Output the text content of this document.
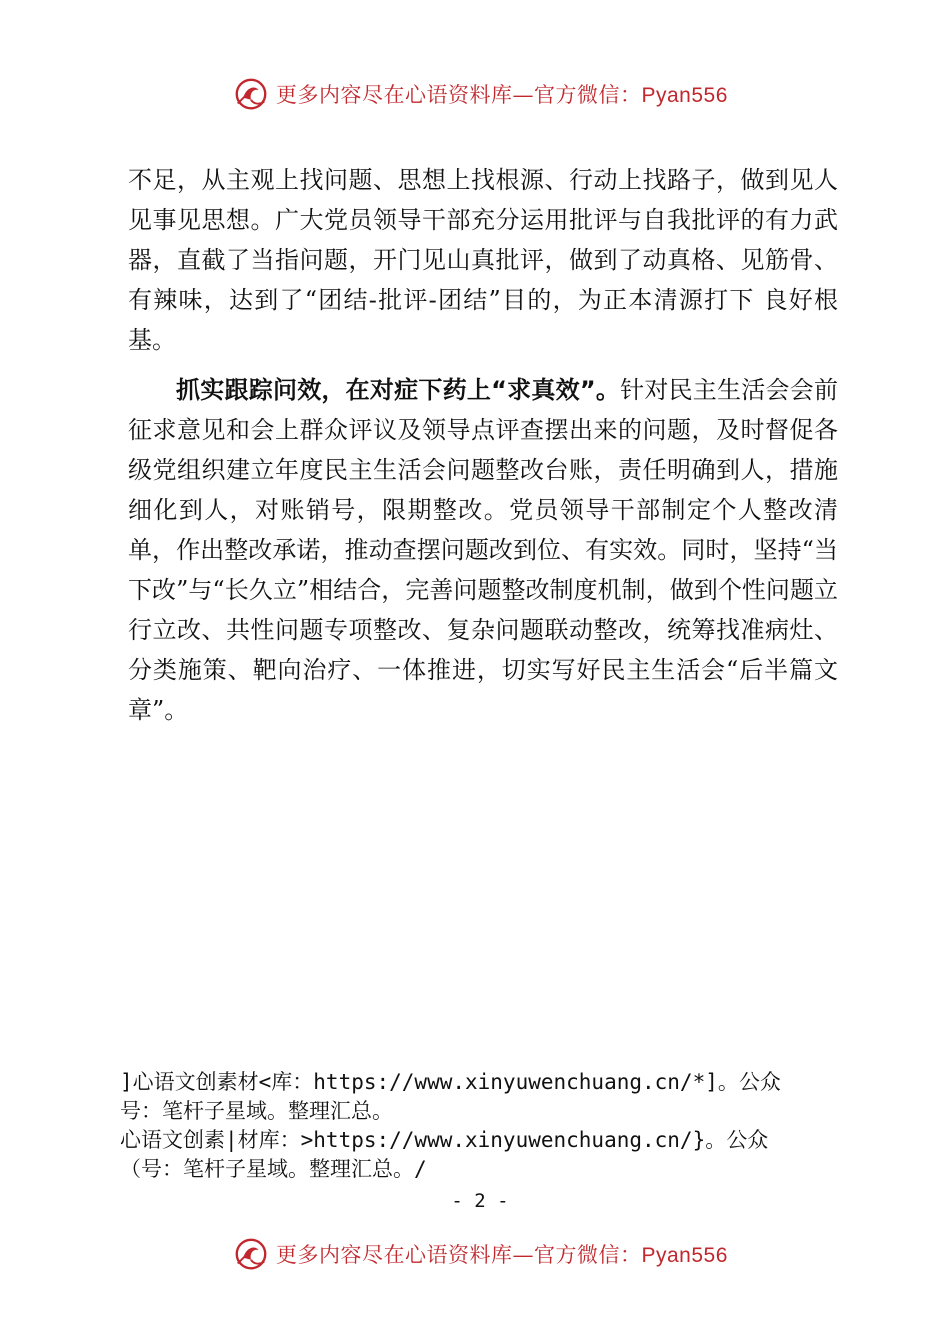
更多内容尽在心语资料库—官方微信：Pyan556

不足，从主观上找问题、思想上找根源、行动上找路子，做到见人见事见思想。广大党员领导干部充分运用批评与自我批评的有力武器，直截了当指问题，开门见山真批评，做到了动真格、见筋骨、有辣味，达到了“团结-批评-团结”目的，为正本清源打下 良好根基。

抓实跟踪问效，在对症下药上“求真效”。针对民主生活会会前征求意见和会上群众评议及领导点评查摆出来的问题，及时督促各级党组织建立年度民主生活会问题整改台账，责任明确到人，措施细化到人，对账销号，限期整改。党员领导干部制定个人整改清单，作出整改承诺，推动查摆问题改到位、有实效。同时，坚持“当下改”与“长久立”相结合，完善问题整改制度机制，做到个性问题立行立改、共性问题专项整改、复杂问题联动整改，统筹找准病灶、分类施策、靶向治疗、一体推进，切实写好民主生活会“后半篇文章”。

]心语文创素材<库：https://www.xinyuwenchuang.cn/*]。公众
号：笔杆子星域。整理汇总。
心语文创素|材库：>https://www.xinyuwenchuang.cn/}。公众
（号：笔杆子星域。整理汇总。/
- 2 -
更多内容尽在心语资料库—官方微信：Pyan556
